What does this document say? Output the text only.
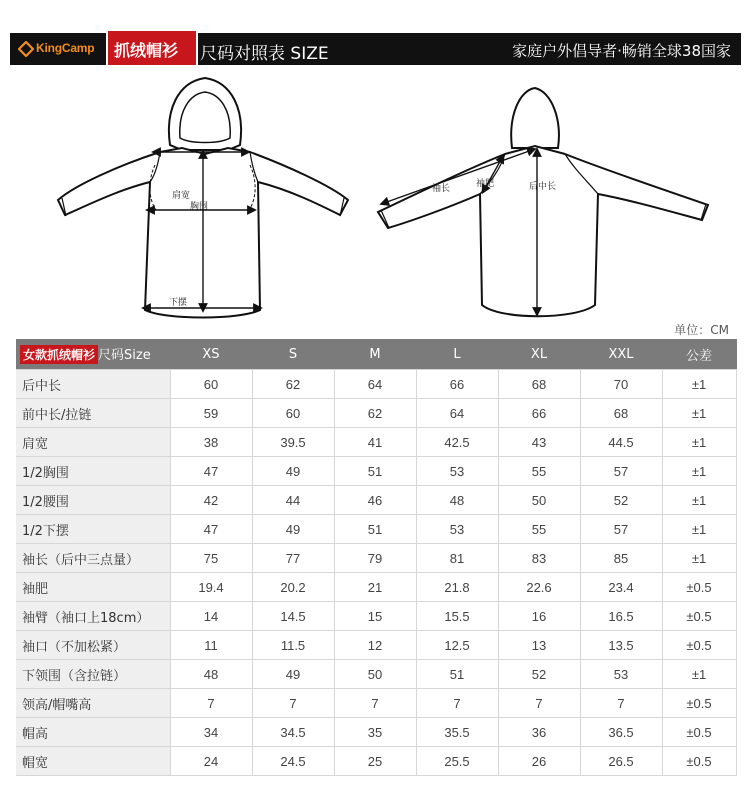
KingCamp 抓绒帽衫 尺码对照表 SIZE	家庭户外倡导者·畅销全球38国家
肩宽
胸围
下摆
袖长	袖肥	后中长
单位：CM
女款抓绒帽衫 尺码Size	XS	S	M	L	XL	XXL	公差
后中长	60	62	64	66	68	70	±1
前中长/拉链	59	60	62	64	66	68	±1
肩宽	38	39.5	41	42.5	43	44.5	±1
1/2胸围	47	49	51	53	55	57	±1
1/2腰围	42	44	46	48	50	52	±1
1/2下摆	47	49	51	53	55	57	±1
袖长（后中三点量）	75	77	79	81	83	85	±1
袖肥	19.4	20.2	21	21.8	22.6	23.4	±0.5
袖臂（袖口上18cm）	14	14.5	15	15.5	16	16.5	±0.5
袖口（不加松紧）	11	11.5	12	12.5	13	13.5	±0.5
下领围（含拉链）	48	49	50	51	52	53	±1
领高/帽嘴高	7	7	7	7	7	7	±0.5
帽高	34	34.5	35	35.5	36	36.5	±0.5
帽宽	24	24.5	25	25.5	26	26.5	±0.5
